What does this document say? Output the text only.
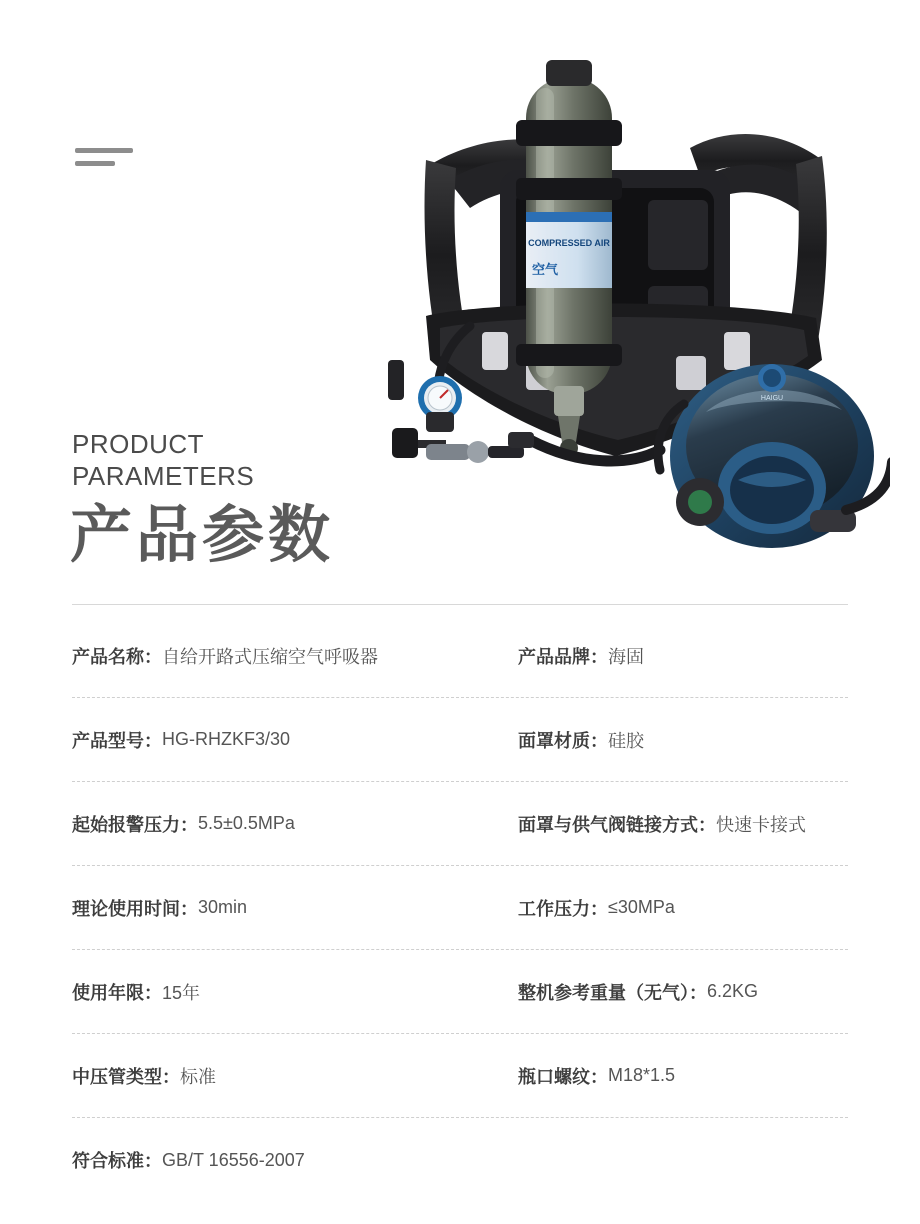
COMPRESSED AIR
空气
HAIGU
PRODUCT
PARAMETERS
产品参数
产品名称： 自给开路式压缩空气呼吸器	产品品牌： 海固
产品型号： HG-RHZKF3/30	面罩材质： 硅胶
起始报警压力： 5.5±0.5MPa	面罩与供气阀链接方式： 快速卡接式
理论使用时间： 30min	工作压力： ≤30MPa
使用年限： 15年	整机参考重量（无气）： 6.2KG
中压管类型： 标准	瓶口螺纹： M18*1.5
符合标准： GB/T 16556-2007
